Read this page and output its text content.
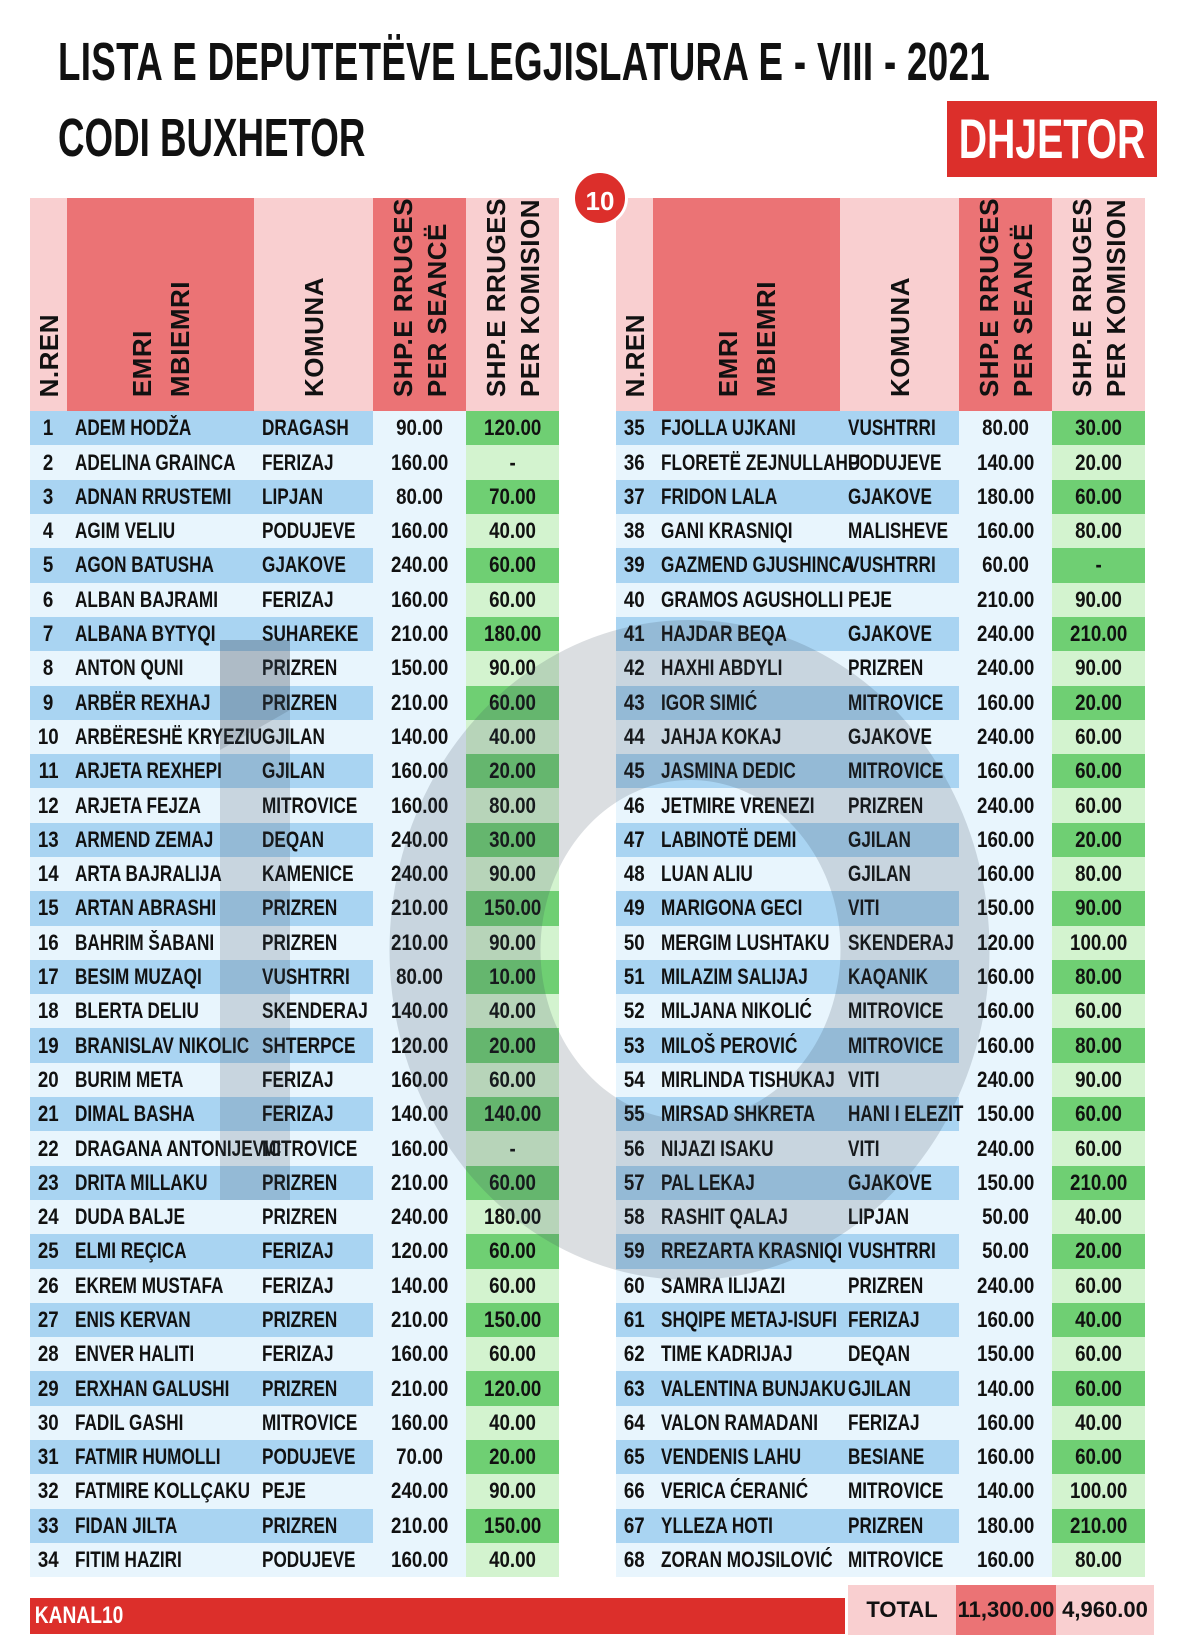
LISTA E DEPUTETËVE LEGJISLATURA E - VIII - 2021
CODI BUXHETOR	DHJETOR
10
N.REN	EMRI MBIEMRI	KOMUNA	SHP.E RRUGES PER SEANCË	SHP.E RRUGES PER KOMISION	

1	ADEM HODŽA	DRAGASH	90.00	120.00	
2	ADELINA GRAINCA	FERIZAJ	160.00	-	
3	ADNAN RRUSTEMI	LIPJAN	80.00	70.00	
4	AGIM VELIU	PODUJEVE	160.00	40.00	
5	AGON BATUSHA	GJAKOVE	240.00	60.00	
6	ALBAN BAJRAMI	FERIZAJ	160.00	60.00	
7	ALBANA BYTYQI	SUHAREKE	210.00	180.00	
8	ANTON QUNI	PRIZREN	150.00	90.00	
9	ARBËR REXHAJ	PRIZREN	210.00	60.00	
10	ARBËRESHË KRYEZIU	GJILAN	140.00	40.00	
11	ARJETA REXHEPI	GJILAN	160.00	20.00	
12	ARJETA FEJZA	MITROVICE	160.00	80.00	
13	ARMEND ZEMAJ	DEQAN	240.00	30.00	
14	ARTA BAJRALIJA	KAMENICE	240.00	90.00	
15	ARTAN ABRASHI	PRIZREN	210.00	150.00	
16	BAHRIM ŠABANI	PRIZREN	210.00	90.00	
17	BESIM MUZAQI	VUSHTRRI	80.00	10.00	
18	BLERTA DELIU	SKENDERAJ	140.00	40.00	
19	BRANISLAV NIKOLIC	SHTERPCE	120.00	20.00	
20	BURIM META	FERIZAJ	160.00	60.00	
21	DIMAL BASHA	FERIZAJ	140.00	140.00	
22	DRAGANA ANTONIJEVIC	MITROVICE	160.00	-	
23	DRITA MILLAKU	PRIZREN	210.00	60.00	
24	DUDA BALJE	PRIZREN	240.00	180.00	
25	ELMI REÇICA	FERIZAJ	120.00	60.00	
26	EKREM MUSTAFA	FERIZAJ	140.00	60.00	
27	ENIS KERVAN	PRIZREN	210.00	150.00	
28	ENVER HALITI	FERIZAJ	160.00	60.00	
29	ERXHAN GALUSHI	PRIZREN	210.00	120.00	
30	FADIL GASHI	MITROVICE	160.00	40.00	
31	FATMIR HUMOLLI	PODUJEVE	70.00	20.00	
32	FATMIRE KOLLÇAKU	PEJE	240.00	90.00	
33	FIDAN JILTA	PRIZREN	210.00	150.00	
34	FITIM HAZIRI	PODUJEVE	160.00	40.00	
N.REN	EMRI MBIEMRI	KOMUNA	SHP.E RRUGES PER SEANCË	SHP.E RRUGES PER KOMISION	

35	FJOLLA UJKANI	VUSHTRRI	80.00	30.00	
36	FLORETË ZEJNULLAHU	PODUJEVE	140.00	20.00	
37	FRIDON LALA	GJAKOVE	180.00	60.00	
38	GANI KRASNIQI	MALISHEVE	160.00	80.00	
39	GAZMEND GJUSHINCA	VUSHTRRI	60.00	-	
40	GRAMOS AGUSHOLLI	PEJE	210.00	90.00	
41	HAJDAR BEQA	GJAKOVE	240.00	210.00	
42	HAXHI ABDYLI	PRIZREN	240.00	90.00	
43	IGOR SIMIĆ	MITROVICE	160.00	20.00	
44	JAHJA KOKAJ	GJAKOVE	240.00	60.00	
45	JASMINA DEDIC	MITROVICE	160.00	60.00	
46	JETMIRE VRENEZI	PRIZREN	240.00	60.00	
47	LABINOTË DEMI	GJILAN	160.00	20.00	
48	LUAN ALIU	GJILAN	160.00	80.00	
49	MARIGONA GECI	VITI	150.00	90.00	
50	MERGIM LUSHTAKU	SKENDERAJ	120.00	100.00	
51	MILAZIM SALIJAJ	KAQANIK	160.00	80.00	
52	MILJANA NIKOLIĆ	MITROVICE	160.00	60.00	
53	MILOŠ PEROVIĆ	MITROVICE	160.00	80.00	
54	MIRLINDA TISHUKAJ	VITI	240.00	90.00	
55	MIRSAD SHKRETA	HANI I ELEZIT	150.00	60.00	
56	NIJAZI ISAKU	VITI	240.00	60.00	
57	PAL LEKAJ	GJAKOVE	150.00	210.00	
58	RASHIT QALAJ	LIPJAN	50.00	40.00	
59	RREZARTA KRASNIQI	VUSHTRRI	50.00	20.00	
60	SAMRA ILIJAZI	PRIZREN	240.00	60.00	
61	SHQIPE METAJ-ISUFI	FERIZAJ	160.00	40.00	
62	TIME KADRIJAJ	DEQAN	150.00	60.00	
63	VALENTINA BUNJAKU	GJILAN	140.00	60.00	
64	VALON RAMADANI	FERIZAJ	160.00	40.00	
65	VENDENIS LAHU	BESIANE	160.00	60.00	
66	VERICA ĆERANIĆ	MITROVICE	140.00	100.00	
67	YLLEZA HOTI	PRIZREN	180.00	210.00	
68	ZORAN MOJSILOVIĆ	MITROVICE	160.00	80.00	
TOTAL 11,300.00 4,960.00
KANAL10
